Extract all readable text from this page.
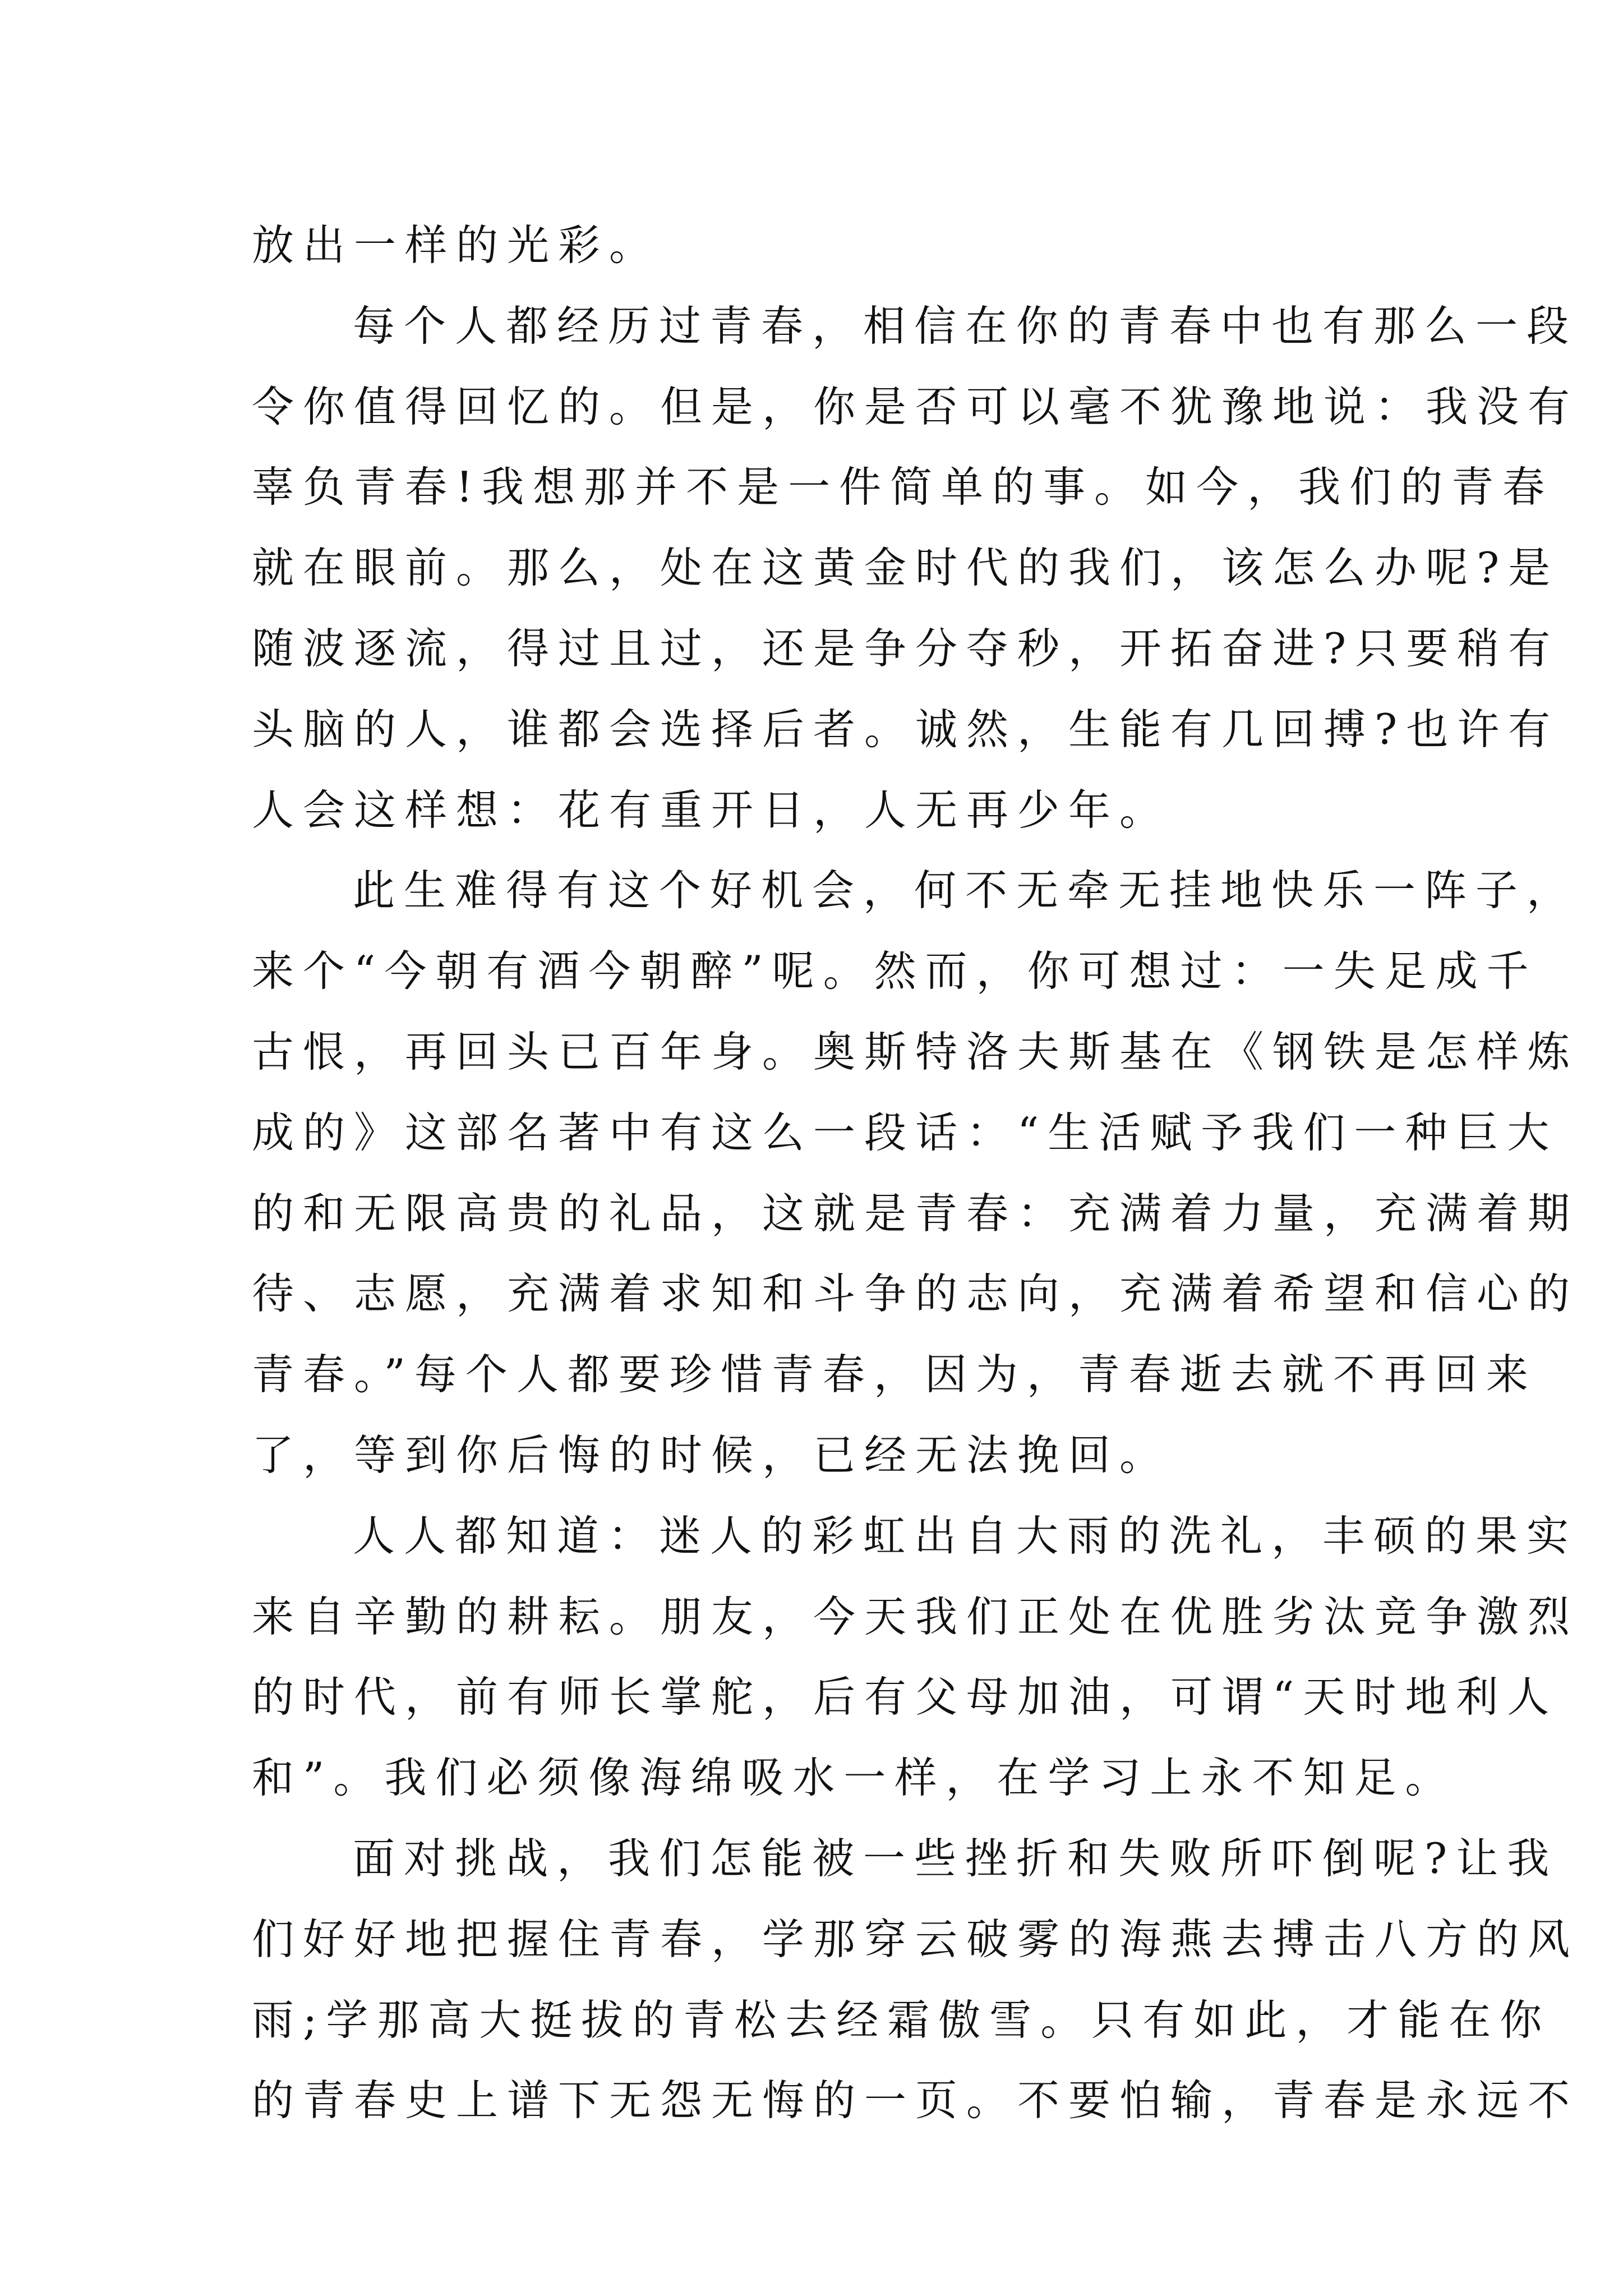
放出一样的光彩。
每个人都经历过青春，相信在你的青春中也有那么一段
令你值得回忆的。但是，你是否可以毫不犹豫地说：我没有
辜负青春!我想那并不是一件简单的事。如今，我们的青春
就在眼前。那么，处在这黄金时代的我们，该怎么办呢?是
随波逐流，得过且过，还是争分夺秒，开拓奋进?只要稍有
头脑的人，谁都会选择后者。诚然，生能有几回搏?也许有
人会这样想：花有重开日，人无再少年。
此生难得有这个好机会，何不无牵无挂地快乐一阵子，
来个“今朝有酒今朝醉”呢。然而，你可想过：一失足成千
古恨，再回头已百年身。奥斯特洛夫斯基在《钢铁是怎样炼
成的》这部名著中有这么一段话：“生活赋予我们一种巨大
的和无限高贵的礼品，这就是青春：充满着力量，充满着期
待、志愿，充满着求知和斗争的志向，充满着希望和信心的
青春。”每个人都要珍惜青春，因为，青春逝去就不再回来
了，等到你后悔的时候，已经无法挽回。
人人都知道：迷人的彩虹出自大雨的洗礼，丰硕的果实
来自辛勤的耕耘。朋友，今天我们正处在优胜劣汰竞争激烈
的时代，前有师长掌舵，后有父母加油，可谓“天时地利人
和”。我们必须像海绵吸水一样，在学习上永不知足。
面对挑战，我们怎能被一些挫折和失败所吓倒呢?让我
们好好地把握住青春，学那穿云破雾的海燕去搏击八方的风
雨;学那高大挺拔的青松去经霜傲雪。只有如此，才能在你
的青春史上谱下无怨无悔的一页。不要怕输，青春是永远不
